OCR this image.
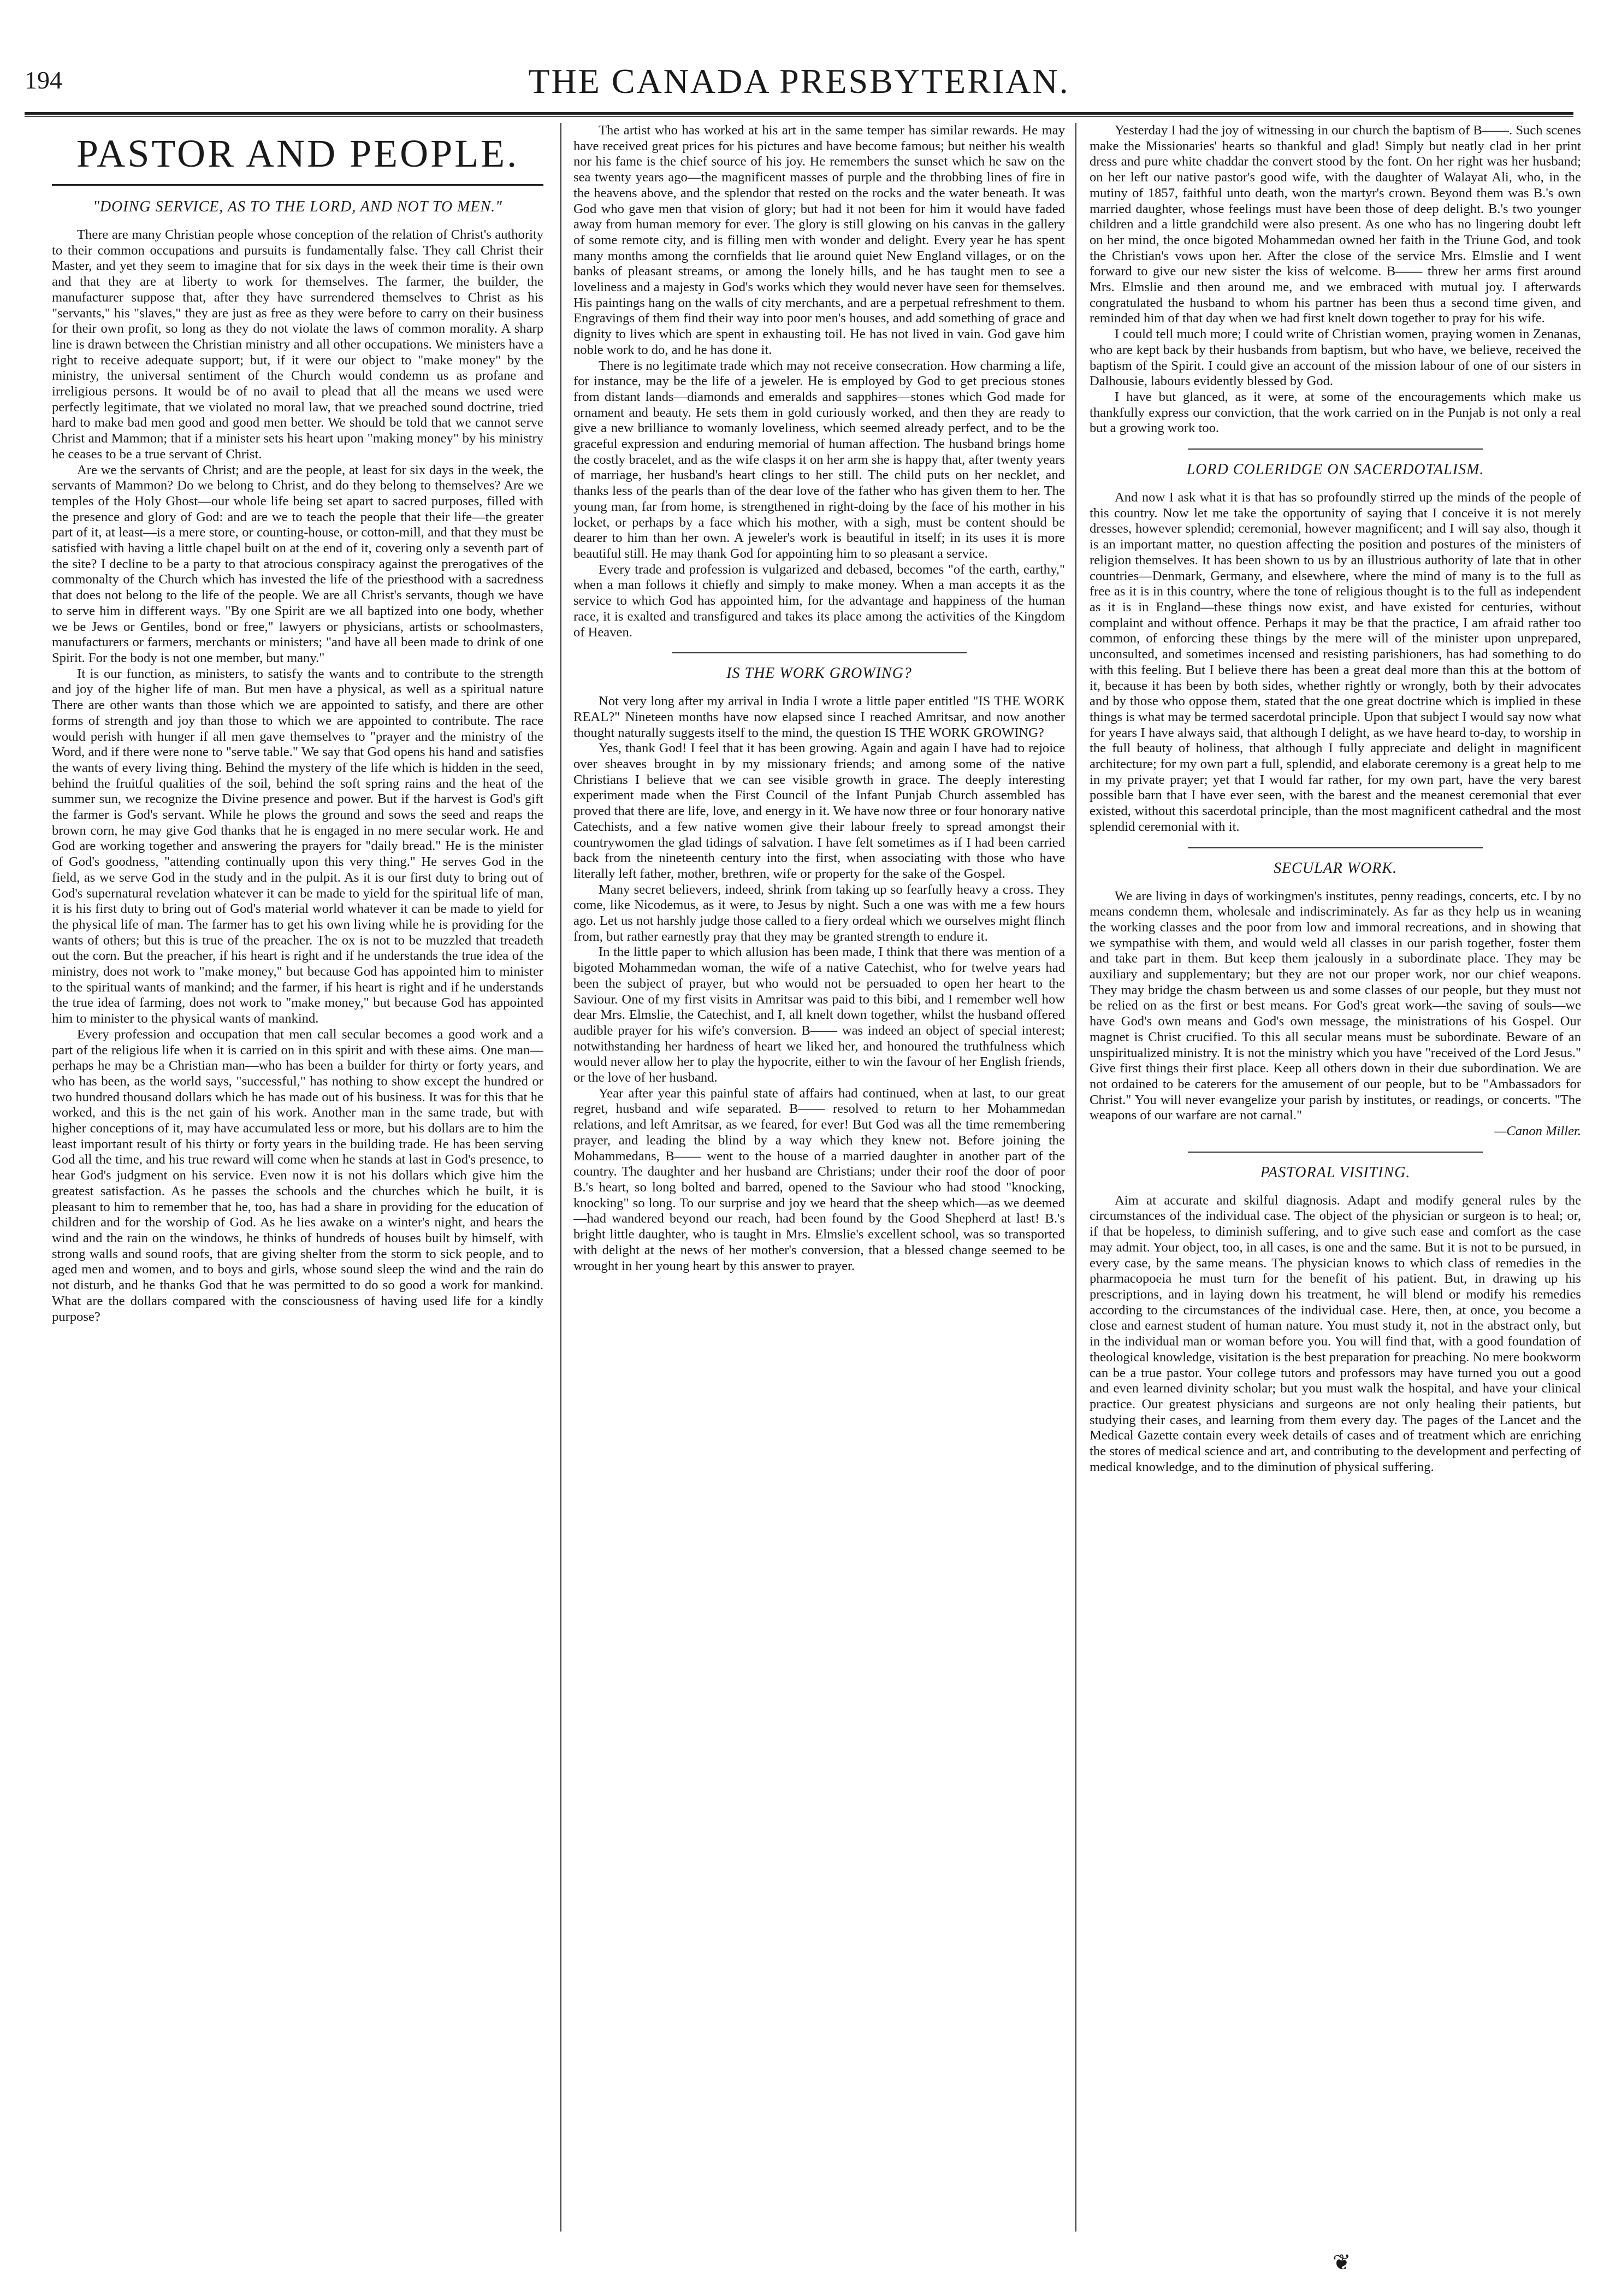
194	THE CANADA PRESBYTERIAN.
PASTOR AND PEOPLE.
"DOING SERVICE, AS TO THE LORD, AND NOT TO MEN."

There are many Christian people whose conception of the relation of Christ's authority to their common occupations and pursuits is fundamentally false. They call Christ their Master, and yet they seem to imagine that for six days in the week their time is their own and that they are at liberty to work for themselves. The farmer, the builder, the manufacturer suppose that, after they have surrendered themselves to Christ as his "servants," his "slaves," they are just as free as they were before to carry on their business for their own profit, so long as they do not violate the laws of common morality. A sharp line is drawn between the Christian ministry and all other occupations. We ministers have a right to receive adequate support; but, if it were our object to "make money" by the ministry, the universal sentiment of the Church would condemn us as profane and irreligious persons. It would be of no avail to plead that all the means we used were perfectly legitimate, that we violated no moral law, that we preached sound doctrine, tried hard to make bad men good and good men better. We should be told that we cannot serve Christ and Mammon; that if a minister sets his heart upon "making money" by his ministry he ceases to be a true servant of Christ.

Are we the servants of Christ; and are the people, at least for six days in the week, the servants of Mammon? Do we belong to Christ, and do they belong to themselves? Are we temples of the Holy Ghost—our whole life being set apart to sacred purposes, filled with the presence and glory of God: and are we to teach the people that their life—the greater part of it, at least—is a mere store, or counting-house, or cotton-mill, and that they must be satisfied with having a little chapel built on at the end of it, covering only a seventh part of the site? I decline to be a party to that atrocious conspiracy against the prerogatives of the commonalty of the Church which has invested the life of the priesthood with a sacredness that does not belong to the life of the people. We are all Christ's servants, though we have to serve him in different ways. "By one Spirit are we all baptized into one body, whether we be Jews or Gentiles, bond or free," lawyers or physicians, artists or schoolmasters, manufacturers or farmers, merchants or ministers; "and have all been made to drink of one Spirit. For the body is not one member, but many."

It is our function, as ministers, to satisfy the wants and to contribute to the strength and joy of the higher life of man. But men have a physical, as well as a spiritual nature There are other wants than those which we are appointed to satisfy, and there are other forms of strength and joy than those to which we are appointed to contribute. The race would perish with hunger if all men gave themselves to "prayer and the ministry of the Word, and if there were none to "serve table." We say that God opens his hand and satisfies the wants of every living thing. Behind the mystery of the life which is hidden in the seed, behind the fruitful qualities of the soil, behind the soft spring rains and the heat of the summer sun, we recognize the Divine presence and power. But if the harvest is God's gift the farmer is God's servant. While he plows the ground and sows the seed and reaps the brown corn, he may give God thanks that he is engaged in no mere secular work. He and God are working together and answering the prayers for "daily bread." He is the minister of God's goodness, "attending continually upon this very thing." He serves God in the field, as we serve God in the study and in the pulpit. As it is our first duty to bring out of God's supernatural revelation whatever it can be made to yield for the spiritual life of man, it is his first duty to bring out of God's material world whatever it can be made to yield for the physical life of man. The farmer has to get his own living while he is providing for the wants of others; but this is true of the preacher. The ox is not to be muzzled that treadeth out the corn. But the preacher, if his heart is right and if he understands the true idea of the ministry, does not work to "make money," but because God has appointed him to minister to the spiritual wants of mankind; and the farmer, if his heart is right and if he understands the true idea of farming, does not work to "make money," but because God has appointed him to minister to the physical wants of mankind.

Every profession and occupation that men call secular becomes a good work and a part of the religious life when it is carried on in this spirit and with these aims. One man—perhaps he may be a Christian man—who has been a builder for thirty or forty years, and who has been, as the world says, "successful," has nothing to show except the hundred or two hundred thousand dollars which he has made out of his business. It was for this that he worked, and this is the net gain of his work. Another man in the same trade, but with higher conceptions of it, may have accumulated less or more, but his dollars are to him the least important result of his thirty or forty years in the building trade. He has been serving God all the time, and his true reward will come when he stands at last in God's presence, to hear God's judgment on his service. Even now it is not his dollars which give him the greatest satisfaction. As he passes the schools and the churches which he built, it is pleasant to him to remember that he, too, has had a share in providing for the education of children and for the worship of God. As he lies awake on a winter's night, and hears the wind and the rain on the windows, he thinks of hundreds of houses built by himself, with strong walls and sound roofs, that are giving shelter from the storm to sick people, and to aged men and women, and to boys and girls, whose sound sleep the wind and the rain do not disturb, and he thanks God that he was permitted to do so good a work for mankind. What are the dollars compared with the consciousness of having used life for a kindly purpose?

The artist who has worked at his art in the same temper has similar rewards. He may have received great prices for his pictures and have become famous; but neither his wealth nor his fame is the chief source of his joy. He remembers the sunset which he saw on the sea twenty years ago—the magnificent masses of purple and the throbbing lines of fire in the heavens above, and the splendor that rested on the rocks and the water beneath. It was God who gave men that vision of glory; but had it not been for him it would have faded away from human memory for ever. The glory is still glowing on his canvas in the gallery of some remote city, and is filling men with wonder and delight. Every year he has spent many months among the cornfields that lie around quiet New England villages, or on the banks of pleasant streams, or among the lonely hills, and he has taught men to see a loveliness and a majesty in God's works which they would never have seen for themselves. His paintings hang on the walls of city merchants, and are a perpetual refreshment to them. Engravings of them find their way into poor men's houses, and add something of grace and dignity to lives which are spent in exhausting toil. He has not lived in vain. God gave him noble work to do, and he has done it.

There is no legitimate trade which may not receive consecration. How charming a life, for instance, may be the life of a jeweler. He is employed by God to get precious stones from distant lands—diamonds and emeralds and sapphires—stones which God made for ornament and beauty. He sets them in gold curiously worked, and then they are ready to give a new brilliance to womanly loveliness, which seemed already perfect, and to be the graceful expression and enduring memorial of human affection. The husband brings home the costly bracelet, and as the wife clasps it on her arm she is happy that, after twenty years of marriage, her husband's heart clings to her still. The child puts on her necklet, and thanks less of the pearls than of the dear love of the father who has given them to her. The young man, far from home, is strengthened in right-doing by the face of his mother in his locket, or perhaps by a face which his mother, with a sigh, must be content should be dearer to him than her own. A jeweler's work is beautiful in itself; in its uses it is more beautiful still. He may thank God for appointing him to so pleasant a service.

Every trade and profession is vulgarized and debased, becomes "of the earth, earthy," when a man follows it chiefly and simply to make money. When a man accepts it as the service to which God has appointed him, for the advantage and happiness of the human race, it is exalted and transfigured and takes its place among the activities of the Kingdom of Heaven.

IS THE WORK GROWING?

Not very long after my arrival in India I wrote a little paper entitled "IS THE WORK REAL?" Nineteen months have now elapsed since I reached Amritsar, and now another thought naturally suggests itself to the mind, the question IS THE WORK GROWING?

Yes, thank God! I feel that it has been growing. Again and again I have had to rejoice over sheaves brought in by my missionary friends; and among some of the native Christians I believe that we can see visible growth in grace. The deeply interesting experiment made when the First Council of the Infant Punjab Church assembled has proved that there are life, love, and energy in it. We have now three or four honorary native Catechists, and a few native women give their labour freely to spread amongst their countrywomen the glad tidings of salvation. I have felt sometimes as if I had been carried back from the nineteenth century into the first, when associating with those who have literally left father, mother, brethren, wife or property for the sake of the Gospel.

Many secret believers, indeed, shrink from taking up so fearfully heavy a cross. They come, like Nicodemus, as it were, to Jesus by night. Such a one was with me a few hours ago. Let us not harshly judge those called to a fiery ordeal which we ourselves might flinch from, but rather earnestly pray that they may be granted strength to endure it.

In the little paper to which allusion has been made, I think that there was mention of a bigoted Mohammedan woman, the wife of a native Catechist, who for twelve years had been the subject of prayer, but who would not be persuaded to open her heart to the Saviour. One of my first visits in Amritsar was paid to this bibi, and I remember well how dear Mrs. Elmslie, the Catechist, and I, all knelt down together, whilst the husband offered audible prayer for his wife's conversion. B—— was indeed an object of special interest; notwithstanding her hardness of heart we liked her, and honoured the truthfulness which would never allow her to play the hypocrite, either to win the favour of her English friends, or the love of her husband.

Year after year this painful state of affairs had continued, when at last, to our great regret, husband and wife separated. B—— resolved to return to her Mohammedan relations, and left Amritsar, as we feared, for ever! But God was all the time remembering prayer, and leading the blind by a way which they knew not. Before joining the Mohammedans, B—— went to the house of a married daughter in another part of the country. The daughter and her husband are Christians; under their roof the door of poor B.'s heart, so long bolted and barred, opened to the Saviour who had stood "knocking, knocking" so long. To our surprise and joy we heard that the sheep which—as we deemed—had wandered beyond our reach, had been found by the Good Shepherd at last! B.'s bright little daughter, who is taught in Mrs. Elmslie's excellent school, was so transported with delight at the news of her mother's conversion, that a blessed change seemed to be wrought in her young heart by this answer to prayer.

Yesterday I had the joy of witnessing in our church the baptism of B——. Such scenes make the Missionaries' hearts so thankful and glad! Simply but neatly clad in her print dress and pure white chaddar the convert stood by the font. On her right was her husband; on her left our native pastor's good wife, with the daughter of Walayat Ali, who, in the mutiny of 1857, faithful unto death, won the martyr's crown. Beyond them was B.'s own married daughter, whose feelings must have been those of deep delight. B.'s two younger children and a little grandchild were also present. As one who has no lingering doubt left on her mind, the once bigoted Mohammedan owned her faith in the Triune God, and took the Christian's vows upon her. After the close of the service Mrs. Elmslie and I went forward to give our new sister the kiss of welcome. B—— threw her arms first around Mrs. Elmslie and then around me, and we embraced with mutual joy. I afterwards congratulated the husband to whom his partner has been thus a second time given, and reminded him of that day when we had first knelt down together to pray for his wife.

I could tell much more; I could write of Christian women, praying women in Zenanas, who are kept back by their husbands from baptism, but who have, we believe, received the baptism of the Spirit. I could give an account of the mission labour of one of our sisters in Dalhousie, labours evidently blessed by God.

I have but glanced, as it were, at some of the encouragements which make us thankfully express our conviction, that the work carried on in the Punjab is not only a real but a growing work too.

LORD COLERIDGE ON SACERDOTALISM.

And now I ask what it is that has so profoundly stirred up the minds of the people of this country. Now let me take the opportunity of saying that I conceive it is not merely dresses, however splendid; ceremonial, however magnificent; and I will say also, though it is an important matter, no question affecting the position and postures of the ministers of religion themselves. It has been shown to us by an illustrious authority of late that in other countries—Denmark, Germany, and elsewhere, where the mind of many is to the full as free as it is in this country, where the tone of religious thought is to the full as independent as it is in England—these things now exist, and have existed for centuries, without complaint and without offence. Perhaps it may be that the practice, I am afraid rather too common, of enforcing these things by the mere will of the minister upon unprepared, unconsulted, and sometimes incensed and resisting parishioners, has had something to do with this feeling. But I believe there has been a great deal more than this at the bottom of it, because it has been by both sides, whether rightly or wrongly, both by their advocates and by those who oppose them, stated that the one great doctrine which is implied in these things is what may be termed sacerdotal principle. Upon that subject I would say now what for years I have always said, that although I delight, as we have heard to-day, to worship in the full beauty of holiness, that although I fully appreciate and delight in magnificent architecture; for my own part a full, splendid, and elaborate ceremony is a great help to me in my private prayer; yet that I would far rather, for my own part, have the very barest possible barn that I have ever seen, with the barest and the meanest ceremonial that ever existed, without this sacerdotal principle, than the most magnificent cathedral and the most splendid ceremonial with it.

SECULAR WORK.

We are living in days of workingmen's institutes, penny readings, concerts, etc. I by no means condemn them, wholesale and indiscriminately. As far as they help us in weaning the working classes and the poor from low and immoral recreations, and in showing that we sympathise with them, and would weld all classes in our parish together, foster them and take part in them. But keep them jealously in a subordinate place. They may be auxiliary and supplementary; but they are not our proper work, nor our chief weapons. They may bridge the chasm between us and some classes of our people, but they must not be relied on as the first or best means. For God's great work—the saving of souls—we have God's own means and God's own message, the ministrations of his Gospel. Our magnet is Christ crucified. To this all secular means must be subordinate. Beware of an unspiritualized ministry. It is not the ministry which you have "received of the Lord Jesus." Give first things their first place. Keep all others down in their due subordination. We are not ordained to be caterers for the amusement of our people, but to be "Ambassadors for Christ." You will never evangelize your parish by institutes, or readings, or concerts. "The weapons of our warfare are not carnal."

—Canon Miller.

PASTORAL VISITING.

Aim at accurate and skilful diagnosis. Adapt and modify general rules by the circumstances of the individual case. The object of the physician or surgeon is to heal; or, if that be hopeless, to diminish suffering, and to give such ease and comfort as the case may admit. Your object, too, in all cases, is one and the same. But it is not to be pursued, in every case, by the same means. The physician knows to which class of remedies in the pharmacopoeia he must turn for the benefit of his patient. But, in drawing up his prescriptions, and in laying down his treatment, he will blend or modify his remedies according to the circumstances of the individual case. Here, then, at once, you become a close and earnest student of human nature. You must study it, not in the abstract only, but in the individual man or woman before you. You will find that, with a good foundation of theological knowledge, visitation is the best preparation for preaching. No mere bookworm can be a true pastor. Your college tutors and professors may have turned you out a good and even learned divinity scholar; but you must walk the hospital, and have your clinical practice. Our greatest physicians and surgeons are not only healing their patients, but studying their cases, and learning from them every day. The pages of the Lancet and the Medical Gazette contain every week details of cases and of treatment which are enriching the stores of medical science and art, and contributing to the development and perfecting of medical knowledge, and to the diminution of physical suffering.

❦
